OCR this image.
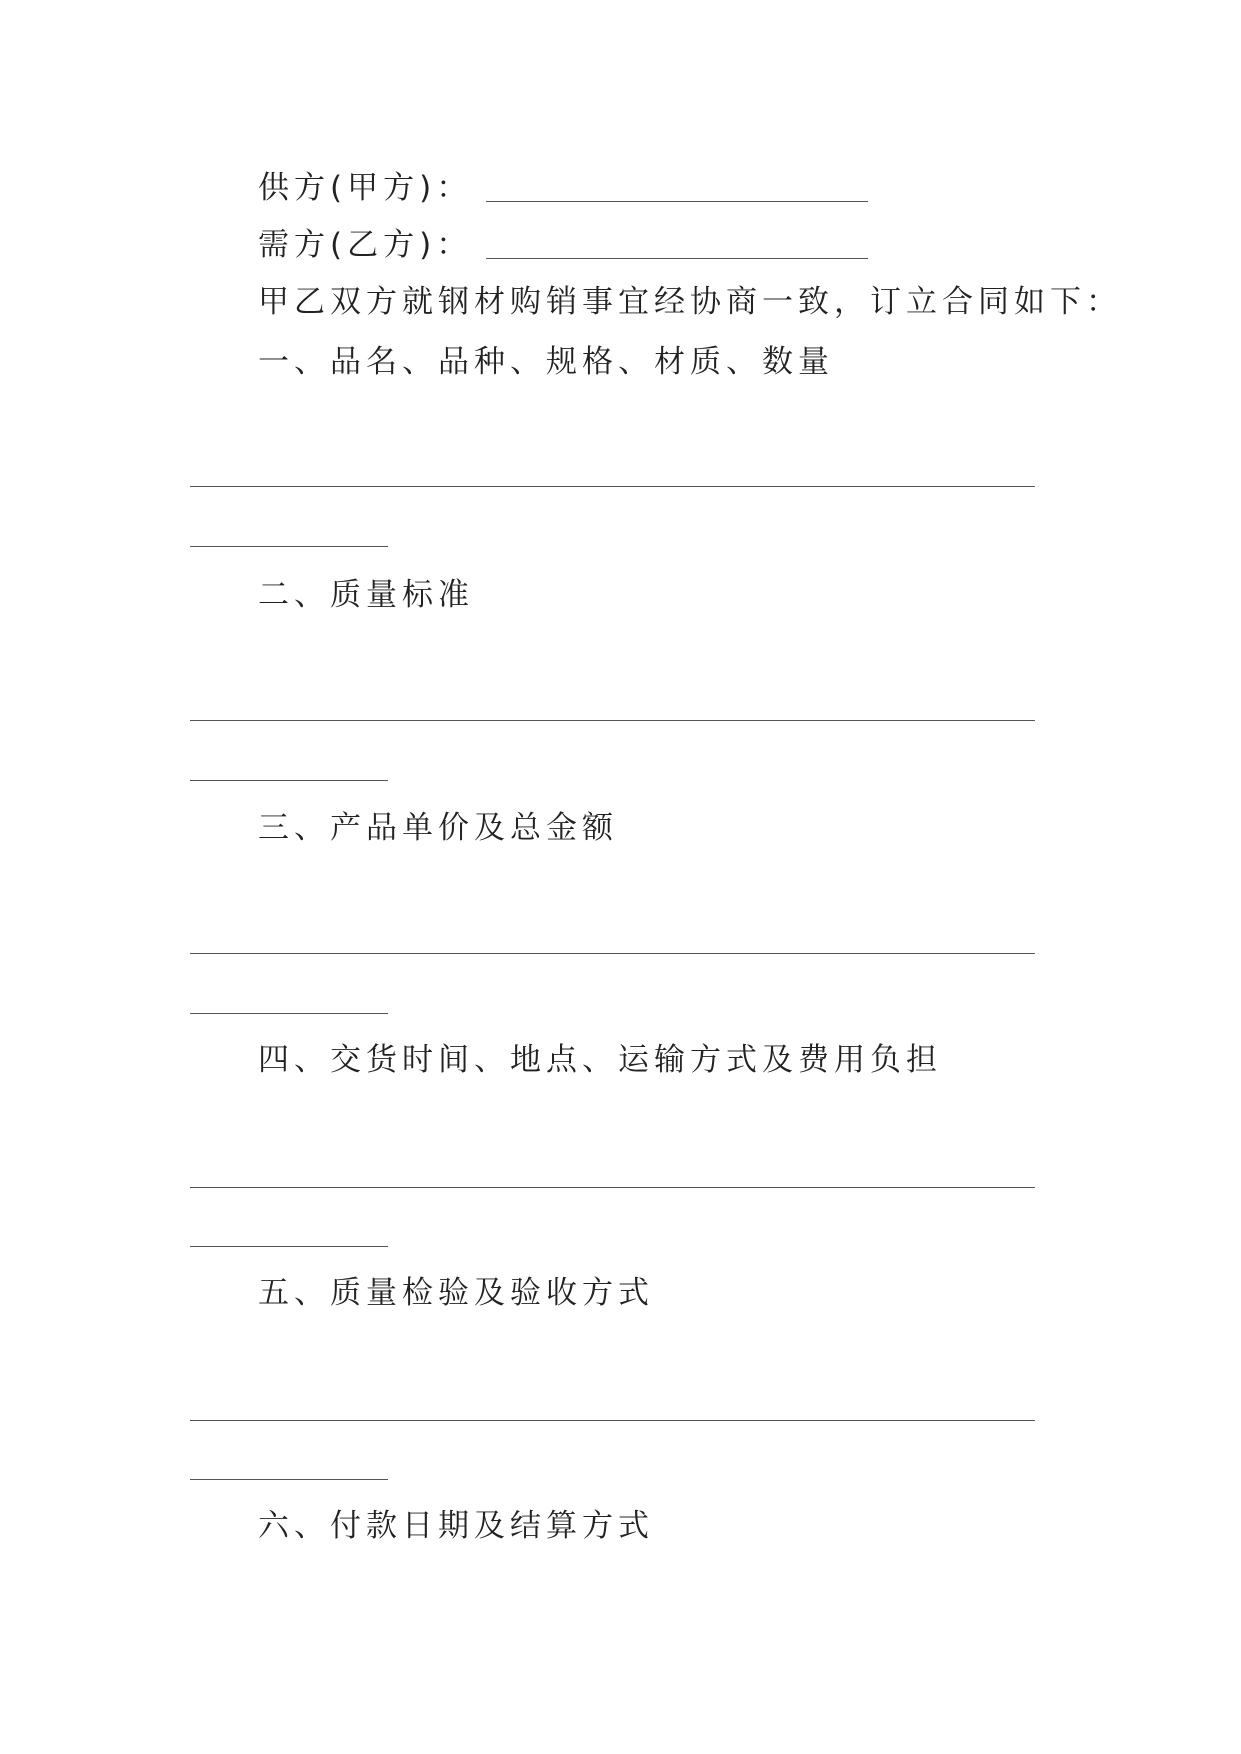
供方(甲方)：
需方(乙方)：
甲乙双方就钢材购销事宜经协商一致，订立合同如下：
一、品名、品种、规格、材质、数量
二、质量标准
三、产品单价及总金额
四、交货时间、地点、运输方式及费用负担
五、质量检验及验收方式
六、付款日期及结算方式
